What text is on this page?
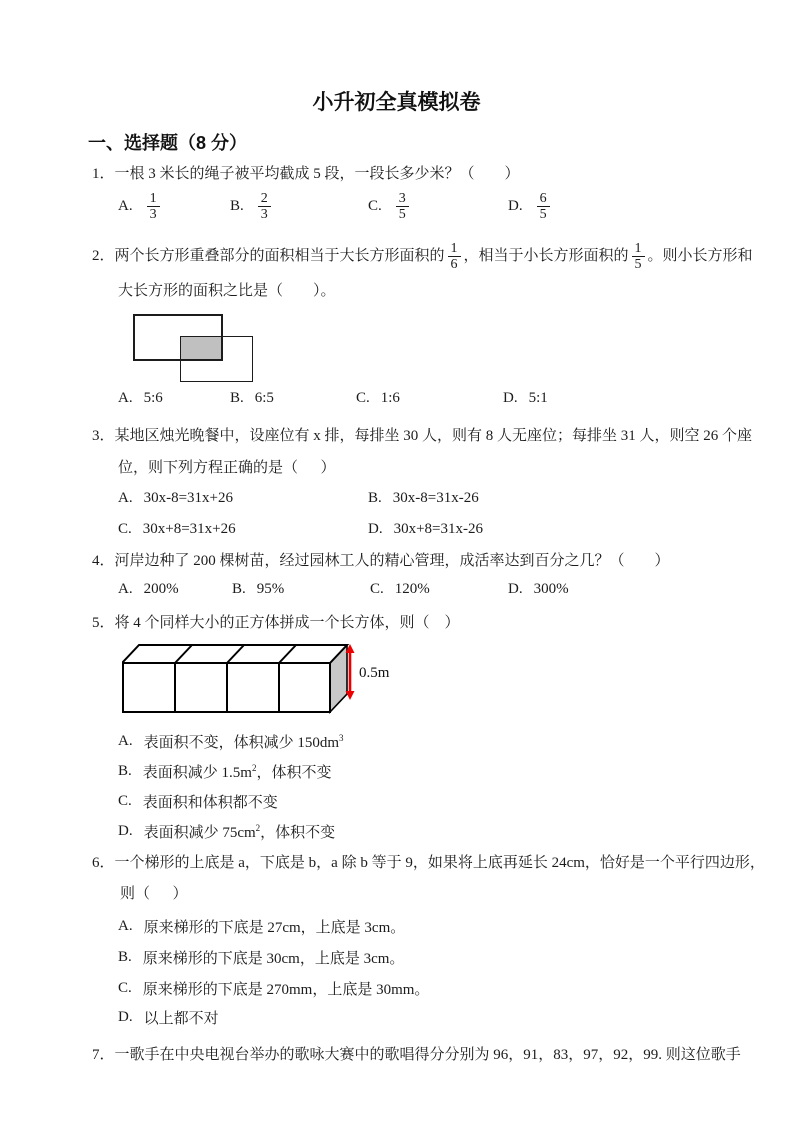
小升初全真模拟卷
一、选择题（8 分）
1．一根 3 米长的绳子被平均截成 5 段，一段长多少米？（        ）
A. $\frac{1}{3}$	B. $\frac{2}{3}$	C. $\frac{3}{5}$	D. $\frac{6}{5}$
2．两个长方形重叠部分的面积相当于大长方形面积的 $\frac{1}{6}$ ，相当于小长方形面积的 $\frac{1}{5}$ 。则小长方形和
大长方形的面积之比是（        ）。
A. 5:6	B. 6:5	C. 1:6	D. 5:1
3．某地区烛光晚餐中，设座位有 x 排，每排坐 30 人，则有 8 人无座位；每排坐 31 人，则空 26 个座
位，则下列方程正确的是（      ）
A. 30x-8=31x+26	B. 30x-8=31x-26
C. 30x+8=31x+26	D. 30x+8=31x-26
4．河岸边种了 200 棵树苗，经过园林工人的精心管理，成活率达到百分之几？（        ）
A. 200%	B. 95%	C. 120%	D. 300%
5．将 4 个同样大小的正方体拼成一个长方体，则（    ）
0.5m
A. 表面积不变，体积减少 $150dm^3$
B. 表面积减少 $1.5m^2$，体积不变
C. 表面积和体积都不变
D. 表面积减少 $75cm^2$，体积不变
6．一个梯形的上底是 a，下底是 b，a 除 b 等于 9，如果将上底再延长 24cm，恰好是一个平行四边形，
则（      ）
A. 原来梯形的下底是 27cm，上底是 3cm。
B. 原来梯形的下底是 30cm，上底是 3cm。
C. 原来梯形的下底是 270mm，上底是 30mm。
D. 以上都不对
7．一歌手在中央电视台举办的歌咏大赛中的歌唱得分分别为 96，91，83，97，92，99. 则这位歌手
